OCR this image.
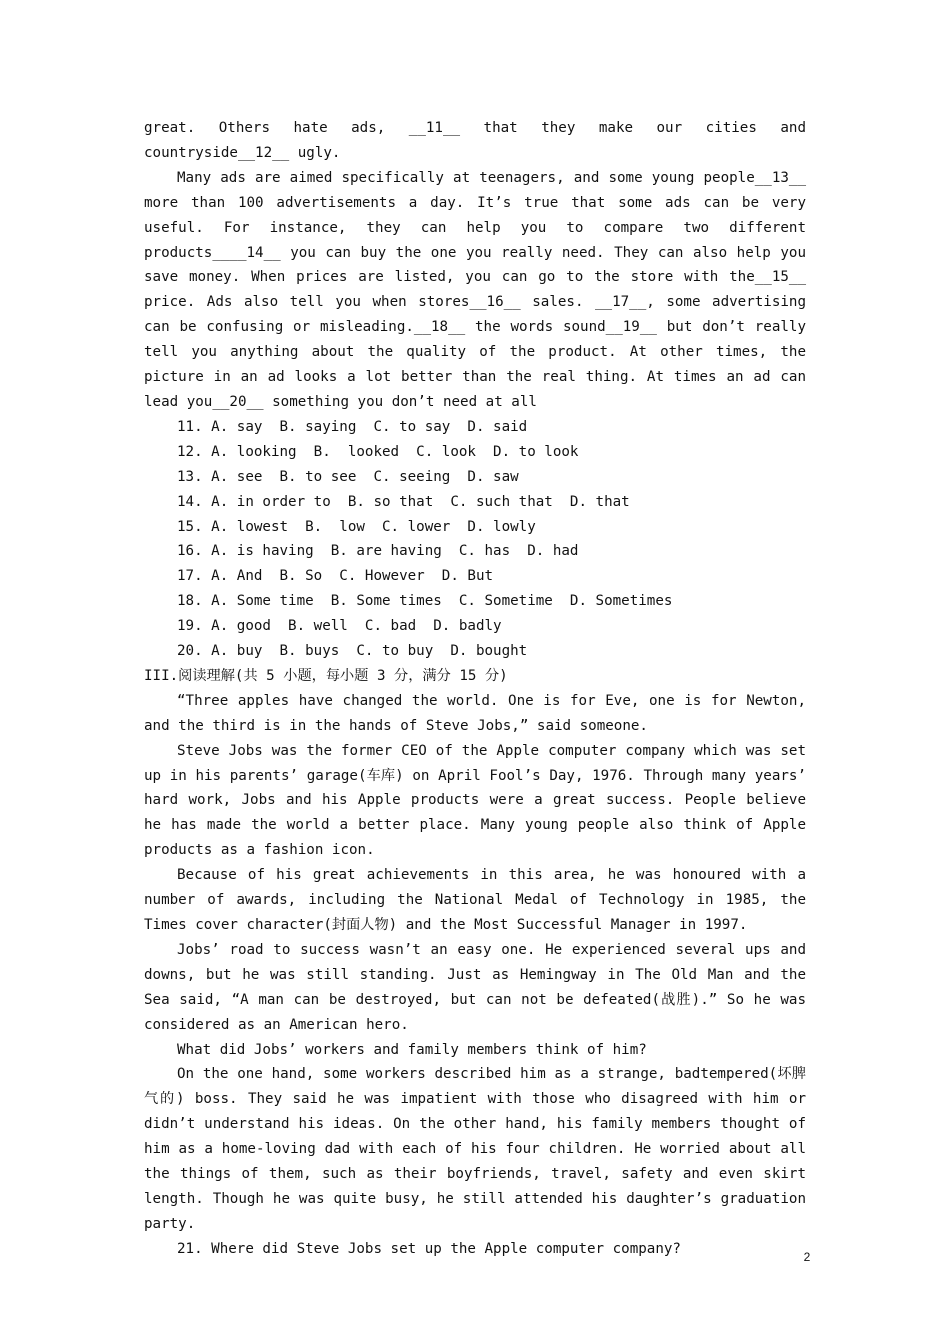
great. Others hate ads, __11__ that they make our cities and countryside__12__ ugly.

Many ads are aimed specifically at teenagers, and some young people__13__ more than 100 advertisements a day. It’s true that some ads can be very useful. For instance, they can help you to compare two different products____14__ you can buy the one you really need. They can also help you save money. When prices are listed, you can go to the store with the__15__ price. Ads also tell you when stores__16__ sales. __17__, some advertising can be confusing or misleading.__18__ the words sound__19__ but don’t really tell you anything about the quality of the product. At other times, the picture in an ad looks a lot better than the real thing. At times an ad can lead you__20__ something you don’t need at all

11. A. say  B. saying  C. to say  D. said

12. A. looking  B.  looked  C. look  D. to look

13. A. see  B. to see  C. seeing  D. saw

14. A. in order to  B. so that  C. such that  D. that

15. A. lowest  B.  low  C. lower  D. lowly

16. A. is having  B. are having  C. has  D. had

17. A. And  B. So  C. However  D. But

18. A. Some time  B. Some times  C. Sometime  D. Sometimes

19. A. good  B. well  C. bad  D. badly

20. A. buy  B. buys  C. to buy  D. bought

III.阅读理解(共 5 小题，每小题 3 分，满分 15 分)

“Three apples have changed the world. One is for Eve, one is for Newton, and the third is in the hands of Steve Jobs,” said someone.

Steve Jobs was the former CEO of the Apple computer company which was set up in his parents’ garage(车库) on April Fool’s Day, 1976. Through many years’ hard work, Jobs and his Apple products were a great success. People believe he has made the world a better place. Many young people also think of Apple products as a fashion icon.

Because of his great achievements in this area, he was honoured with a number of awards, including the National Medal of Technology in 1985, the Times cover character(封面人物) and the Most Successful Manager in 1997.

Jobs’ road to success wasn’t an easy one. He experienced several ups and downs, but he was still standing. Just as Hemingway in The Old Man and the Sea said, “A man can be destroyed, but can not be defeated(战胜).” So he was considered as an American hero.

What did Jobs’ workers and family members think of him?

On the one hand, some workers described him as a strange, badtempered(坏脾气的) boss. They said he was impatient with those who disagreed with him or didn’t understand his ideas. On the other hand, his family members thought of him as a home-loving dad with each of his four children. He worried about all the things of them, such as their boyfriends, travel, safety and even skirt length. Though he was quite busy, he still attended his daughter’s graduation party.

21. Where did Steve Jobs set up the Apple computer company?

2
